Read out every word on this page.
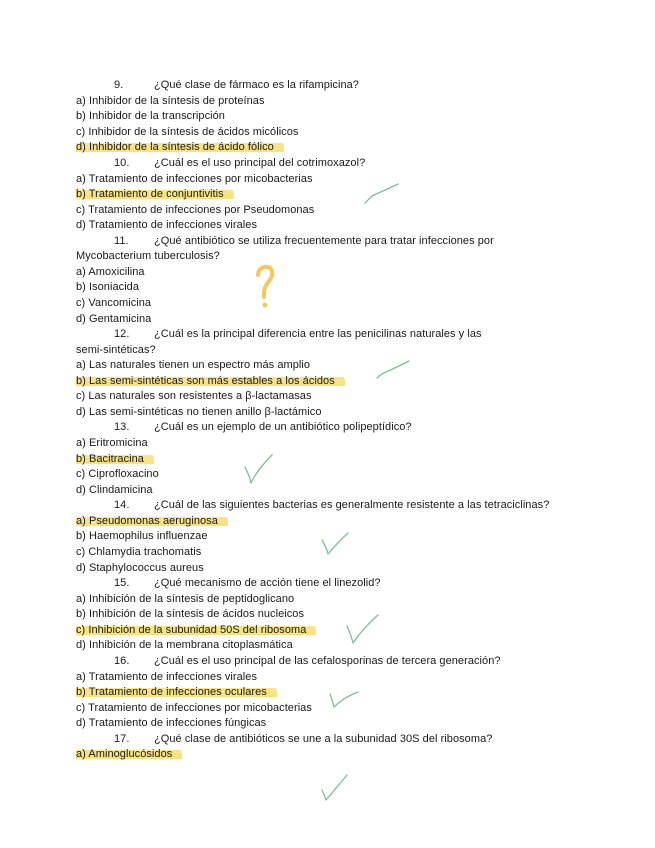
9.	¿Qué clase de fármaco es la rifampicina?
a) Inhibidor de la síntesis de proteínas
b) Inhibidor de la transcripción
c) Inhibidor de la síntesis de ácidos micólicos
d) Inhibidor de la síntesis de ácido fólico
10. ¿Cuál es el uso principal del cotrimoxazol?
a) Tratamiento de infecciones por micobacterias
b) Tratamiento de conjuntivitis
c) Tratamiento de infecciones por Pseudomonas
d) Tratamiento de infecciones virales
11. ¿Qué antibiótico se utiliza frecuentemente para tratar infecciones por
Mycobacterium tuberculosis?
a) Amoxicilina
b) Isoniacida
c) Vancomicina
d) Gentamicina
12. ¿Cuál es la principal diferencia entre las penicilinas naturales y las
semi-sintéticas?
a) Las naturales tienen un espectro más amplio
b) Las semi-sintéticas son más estables a los ácidos
c) Las naturales son resistentes a β-lactamasas
d) Las semi-sintéticas no tienen anillo β-lactámico
13. ¿Cuál es un ejemplo de un antibiótico polipeptídico?
a) Eritromicina
b) Bacitracina
c) Ciprofloxacino
d) Clindamicina
14. ¿Cuál de las siguientes bacterias es generalmente resistente a las tetraciclinas?
a) Pseudomonas aeruginosa
b) Haemophilus influenzae
c) Chlamydia trachomatis
d) Staphylococcus aureus
15. ¿Qué mecanismo de acción tiene el linezolid?
a) Inhibición de la síntesis de peptidoglicano
b) Inhibición de la síntesis de ácidos nucleicos
c) Inhibición de la subunidad 50S del ribosoma
d) Inhibición de la membrana citoplasmática
16. ¿Cuál es el uso principal de las cefalosporinas de tercera generación?
a) Tratamiento de infecciones virales
b) Tratamiento de infecciones oculares
c) Tratamiento de infecciones por micobacterias
d) Tratamiento de infecciones fúngicas
17. ¿Qué clase de antibióticos se une a la subunidad 30S del ribosoma?
a) Aminoglucósidos
